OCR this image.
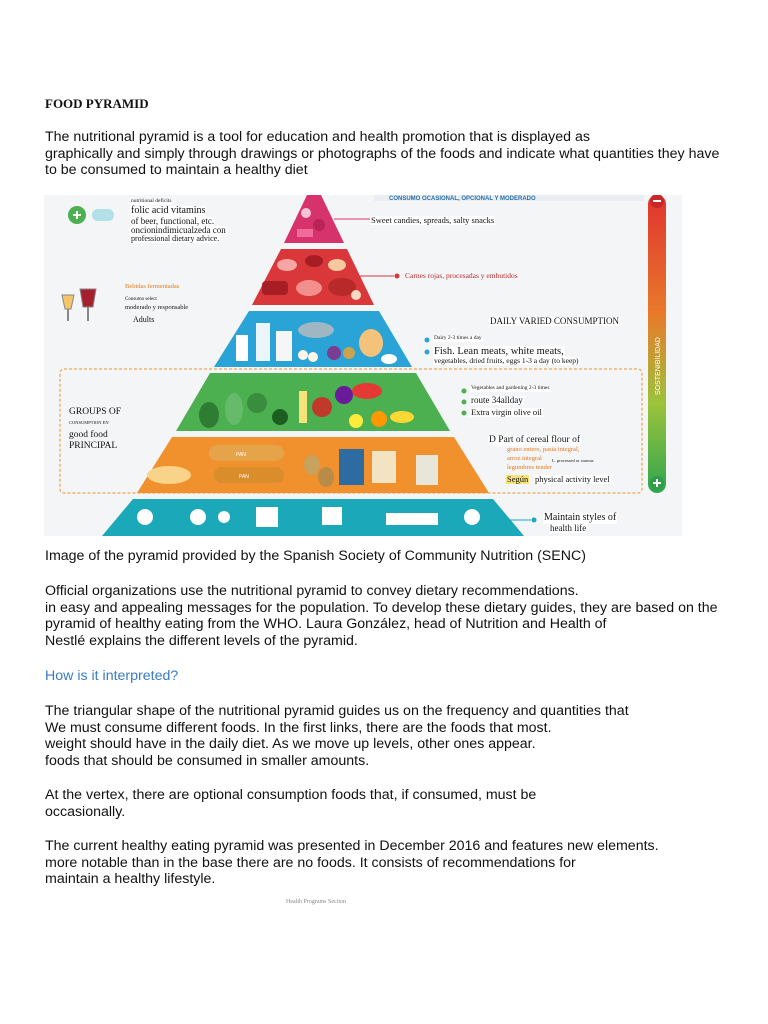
FOOD PYRAMID

The nutritional pyramid is a tool for education and health promotion that is displayed as
graphically and simply through drawings or photographs of the foods and indicate what quantities they have
to be consumed to maintain a healthy diet

CONSUMO OCASIONAL, OPCIONAL Y MODERADO
SOSTENIBILIDAD
PAN
PAN
nutritional deficits
folic acid vitamins
of beer, functional, etc.
oncionindimicualzeda con
professional dietary advice.
Sweet candies, spreads, salty snacks
Carnes rojas, procesadas y embutidos
Bebidas fermentadas
Consumo select
moderado y responsable
Adults	DAILY VARIED CONSUMPTION
Dairy 2-3 times a day
Fish. Lean meats, white meats,
vegetables, dried fruits, eggs 1-3 a day (to keep)
Vegetables and gardening 2-3 times
route 34allday
Extra virgin olive oil
GROUPS OF
CONSUMPTION EN
good food
PRINCIPAL
D Part of cereal flour of
grano entero, pasta integral,
arroz integral L. processed or starous
legumbres tender
Según physical activity level
Maintain styles of
health life

Image of the pyramid provided by the Spanish Society of Community Nutrition (SENC)

Official organizations use the nutritional pyramid to convey dietary recommendations.
in easy and appealing messages for the population. To develop these dietary guides, they are based on the
pyramid of healthy eating from the WHO. Laura González, head of Nutrition and Health of
Nestlé explains the different levels of the pyramid.

How is it interpreted?

The triangular shape of the nutritional pyramid guides us on the frequency and quantities that
We must consume different foods. In the first links, there are the foods that most.
weight should have in the daily diet. As we move up levels, other ones appear.
foods that should be consumed in smaller amounts.

At the vertex, there are optional consumption foods that, if consumed, must be
occasionally.

The current healthy eating pyramid was presented in December 2016 and features new elements.
more notable than in the base there are no foods. It consists of recommendations for
maintain a healthy lifestyle.

Health Programs Section
